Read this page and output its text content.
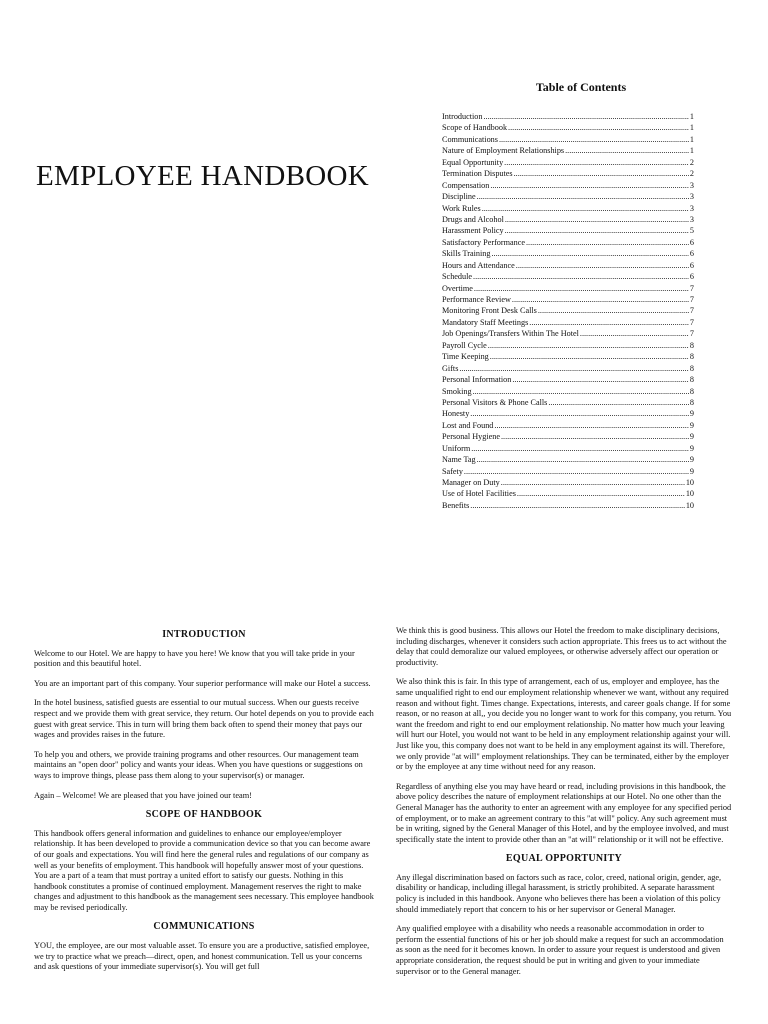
EMPLOYEE HANDBOOK
Table of Contents
Introduction .....	1
Scope of Handbook .....	1
Communications .....	1
Nature of Employment Relationships .....	1
Equal Opportunity .....	2
Termination Disputes .....	2
Compensation .....	3
Discipline .....	3
Work Rules .....	3
Drugs and Alcohol .....	3
Harassment Policy .....	5
Satisfactory Performance .....	6
Skills Training .....	6
Hours and Attendance .....	6
Schedule .....	6
Overtime .....	7
Performance Review .....	7
Monitoring Front Desk Calls .....	7
Mandatory Staff Meetings .....	7
Job Openings/Transfers Within The Hotel .....	7
Payroll Cycle .....	8
Time Keeping .....	8
Gifts .....	8
Personal Information .....	8
Smoking .....	8
Personal Visitors & Phone Calls .....	8
Honesty .....	9
Lost and Found .....	9
Personal Hygiene .....	9
Uniform .....	9
Name Tag .....	9
Safety .....	9
Manager on Duty .....	10
Use of Hotel Facilities .....	10
Benefits .....	10
INTRODUCTION

Welcome to our Hotel. We are happy to have you here! We know that you will take pride in your position and this beautiful hotel.

You are an important part of this company. Your superior performance will make our Hotel a success.

In the hotel business, satisfied guests are essential to our mutual success. When our guests receive respect and we provide them with great service, they return. Our hotel depends on you to provide each guest with great service. This in turn will bring them back often to spend their money that pays our wages and provides raises in the future.

To help you and others, we provide training programs and other resources. Our management team maintains an "open door" policy and wants your ideas. When you have questions or suggestions on ways to improve things, please pass them along to your supervisor(s) or manager.

Again – Welcome! We are pleased that you have joined our team!

SCOPE OF HANDBOOK

This handbook offers general information and guidelines to enhance our employee/employer relationship. It has been developed to provide a communication device so that you can become aware of our goals and expectations. You will find here the general rules and regulations of our company as well as your benefits of employment. This handbook will hopefully answer most of your questions. You are a part of a team that must portray a united effort to satisfy our guests. Nothing in this handbook constitutes a promise of continued employment. Management reserves the right to make changes and adjustment to this handbook as the management sees necessary. This employee handbook may be revised periodically.

COMMUNICATIONS

YOU, the employee, are our most valuable asset. To ensure you are a productive, satisfied employee, we try to practice what we preach—direct, open, and honest communication. Tell us your concerns and ask questions of your immediate supervisor(s). You will get full

We think this is good business. This allows our Hotel the freedom to make disciplinary decisions, including discharges, whenever it considers such action appropriate. This frees us to act without the delay that could demoralize our valued employees, or otherwise adversely affect our operation or productivity.

We also think this is fair. In this type of arrangement, each of us, employer and employee, has the same unqualified right to end our employment relationship whenever we want, without any required reason and without fight. Times change. Expectations, interests, and career goals change. If for some reason, or no reason at all,, you decide you no longer want to work for this company, you return. You want the freedom and right to end our employment relationship. No matter how much your leaving will hurt our Hotel, you would not want to be held in any employment relationship against your will. Just like you, this company does not want to be held in any employment against its will. Therefore, we only provide "at will" employment relationships. They can be terminated, either by the employer or by the employee at any time without need for any reason.

Regardless of anything else you may have heard or read, including provisions in this handbook, the above policy describes the nature of employment relationships at our Hotel. No one other than the General Manager has the authority to enter an agreement with any employee for any specified period of employment, or to make an agreement contrary to this "at will" policy. Any such agreement must be in writing, signed by the General Manager of this Hotel, and by the employee involved, and must specifically state the intent to provide other than an "at will" relationship or it will not be effective.

EQUAL OPPORTUNITY

Any illegal discrimination based on factors such as race, color, creed, national origin, gender, age, disability or handicap, including illegal harassment, is strictly prohibited. A separate harassment policy is included in this handbook. Anyone who believes there has been a violation of this policy should immediately report that concern to his or her supervisor or General Manager.

Any qualified employee with a disability who needs a reasonable accommodation in order to perform the essential functions of his or her job should make a request for such an accommodation as soon as the need for it becomes known. In order to assure your request is understood and given appropriate consideration, the request should be put in writing and given to your immediate supervisor or to the General manager.
